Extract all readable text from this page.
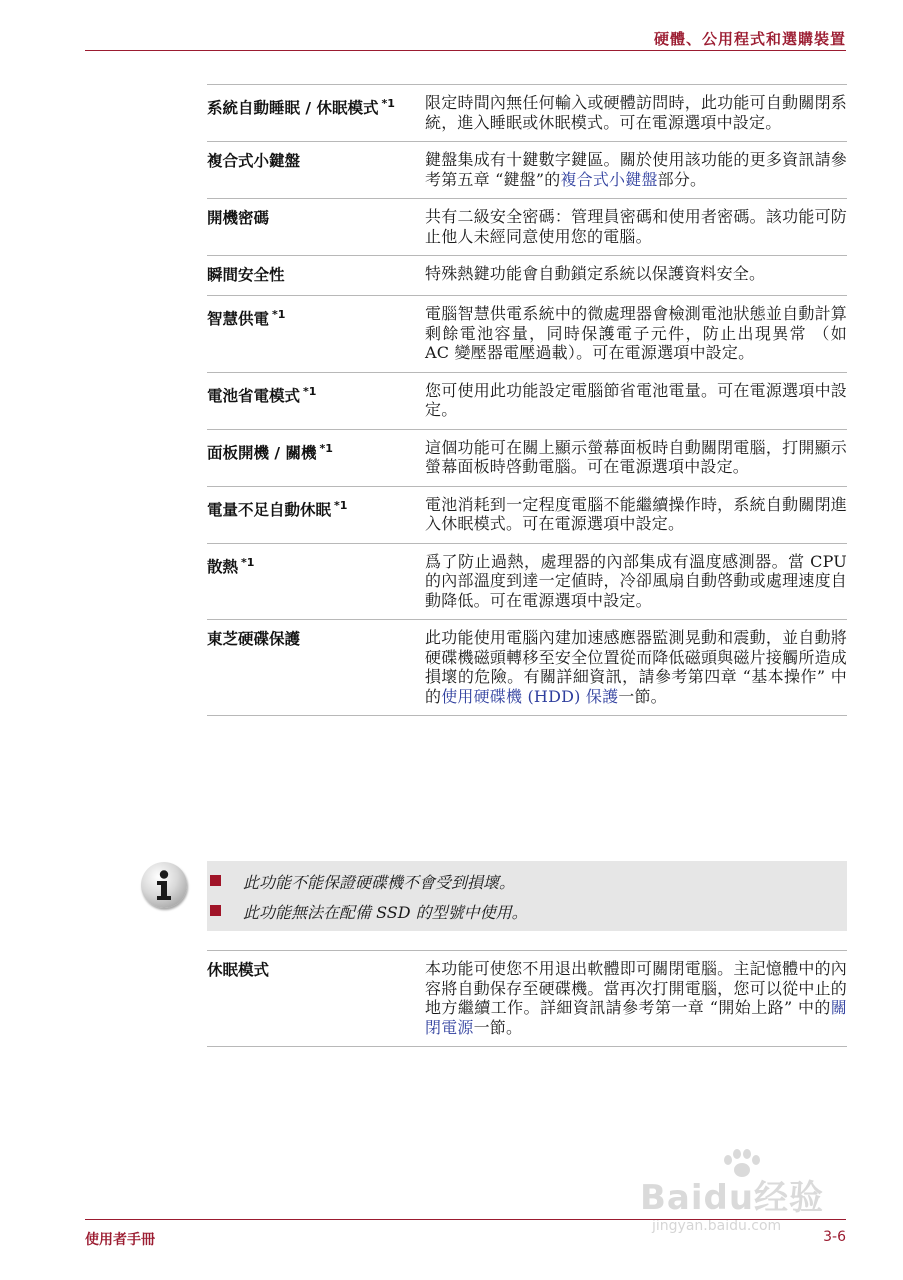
硬體、公用程式和選購裝置
系統自動睡眠 / 休眠模式 $^{*1}$	限定時間內無任何輸入或硬體訪問時，此功能可自動關閉系統，進入睡眠或休眠模式。可在電源選項中設定。
複合式小鍵盤	鍵盤集成有十鍵數字鍵區。關於使用該功能的更多資訊請參考第五章 “鍵盤”的複合式小鍵盤部分。
開機密碼	共有二級安全密碼：管理員密碼和使用者密碼。該功能可防止他人未經同意使用您的電腦。
瞬間安全性	特殊熱鍵功能會自動鎖定系統以保護資料安全。
智慧供電 $^{*1}$	電腦智慧供電系統中的微處理器會檢測電池狀態並自動計算剩餘電池容量，同時保護電子元件，防止出現異常 （如 AC 變壓器電壓過載）。可在電源選項中設定。
電池省電模式 $^{*1}$	您可使用此功能設定電腦節省電池電量。可在電源選項中設定。
面板開機 / 關機 $^{*1}$	這個功能可在關上顯示螢幕面板時自動關閉電腦，打開顯示螢幕面板時啓動電腦。可在電源選項中設定。
電量不足自動休眠 $^{*1}$	電池消耗到一定程度電腦不能繼續操作時，系統自動關閉進入休眠模式。可在電源選項中設定。
散熱 $^{*1}$	爲了防止過熱，處理器的內部集成有溫度感測器。當 CPU 的內部溫度到達一定値時，冷卻風扇自動啓動或處理速度自動降低。可在電源選項中設定。
東芝硬碟保護	此功能使用電腦內建加速感應器監測晃動和震動，並自動將硬碟機磁頭轉移至安全位置從而降低磁頭與磁片接觸所造成損壞的危險。有關詳細資訊，請參考第四章 “基本操作” 中的使用硬碟機 (HDD) 保護一節。
此功能不能保證硬碟機不會受到損壞。
此功能無法在配備 SSD 的型號中使用。
休眠模式	本功能可使您不用退出軟體即可關閉電腦。主記憶體中的內容將自動保存至硬碟機。當再次打開電腦，您可以從中止的地方繼續工作。詳細資訊請參考第一章 “開始上路” 中的關閉電源一節。
Baidu经验
jingyan.baidu.com
使用者手冊	3-6
